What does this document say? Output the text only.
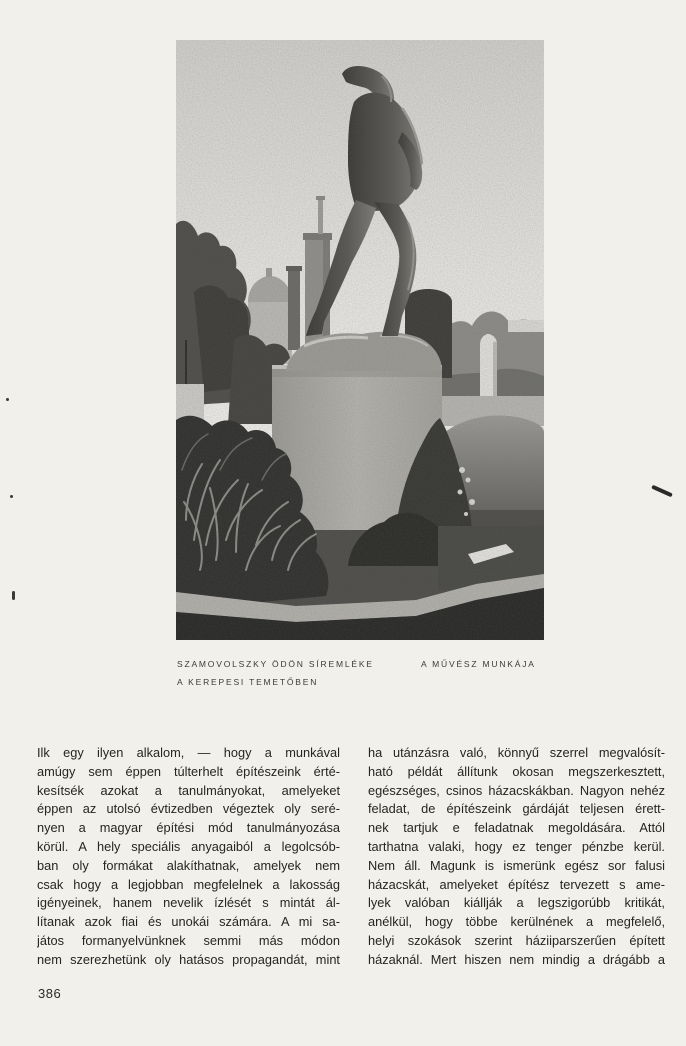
SZAMOVOLSZKY ÖDÖN SÍREMLÉKE
A KEREPESI TEMETŐBEN
A MŰVÉSZ MUNKÁJA
Ilk egy ilyen alkalom, — hogy a munkával
amúgy sem éppen túlterhelt építészeink érté-
kesítsék azokat a tanulmányokat, amelyeket
éppen az utolsó évtizedben végeztek oly seré-
nyen a magyar építési mód tanulmányozása
körül. A hely speciális anyagaiból a legolcsób-
ban oly formákat alakíthatnak, amelyek nem
csak hogy a legjobban megfelelnek a lakosság
igényeinek, hanem nevelik ízlését s mintát ál-
lítanak azok fiai és unokái számára. A mi sa-
játos formanyelvünknek semmi más módon
nem szerezhetünk oly hatásos propagandát, mint
ha utánzásra való, könnyű szerrel megvalósít-
ható példát állítunk okosan megszerkesztett,
egészséges, csinos házacskákban. Nagyon nehéz
feladat, de építészeink gárdáját teljesen érett-
nek tartjuk e feladatnak megoldására. Attól
tarthatna valaki, hogy ez tenger pénzbe kerül.
Nem áll. Magunk is ismerünk egész sor falusi
házacskát, amelyeket építész tervezett s ame-
lyek valóban kiállják a legszigorúbb kritikát,
anélkül, hogy többe kerülnének a megfelelő,
helyi szokások szerint háziiparszerűen épített
házaknál. Mert hiszen nem mindig a drágább a
386
